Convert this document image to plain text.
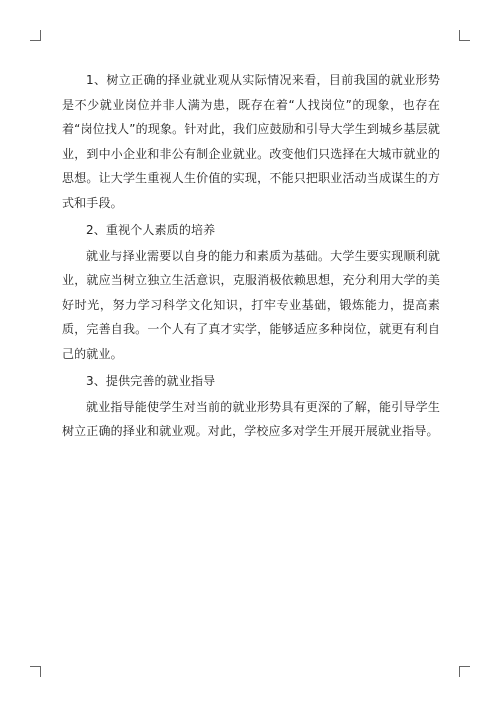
1、树立正确的择业就业观从实际情况来看，目前我国的就业形势是不少就业岗位并非人满为患，既存在着“人找岗位”的现象，也存在着“岗位找人”的现象。针对此，我们应鼓励和引导大学生到城乡基层就业，到中小企业和非公有制企业就业。改变他们只选择在大城市就业的思想。让大学生重视人生价值的实现，不能只把职业活动当成谋生的方式和手段。

2、重视个人素质的培养

就业与择业需要以自身的能力和素质为基础。大学生要实现顺利就业，就应当树立独立生活意识，克服消极依赖思想，充分利用大学的美好时光，努力学习科学文化知识，打牢专业基础，锻炼能力，提高素质，完善自我。一个人有了真才实学，能够适应多种岗位，就更有利自己的就业。

3、提供完善的就业指导

就业指导能使学生对当前的就业形势具有更深的了解，能引导学生树立正确的择业和就业观。对此，学校应多对学生开展开展就业指导。
